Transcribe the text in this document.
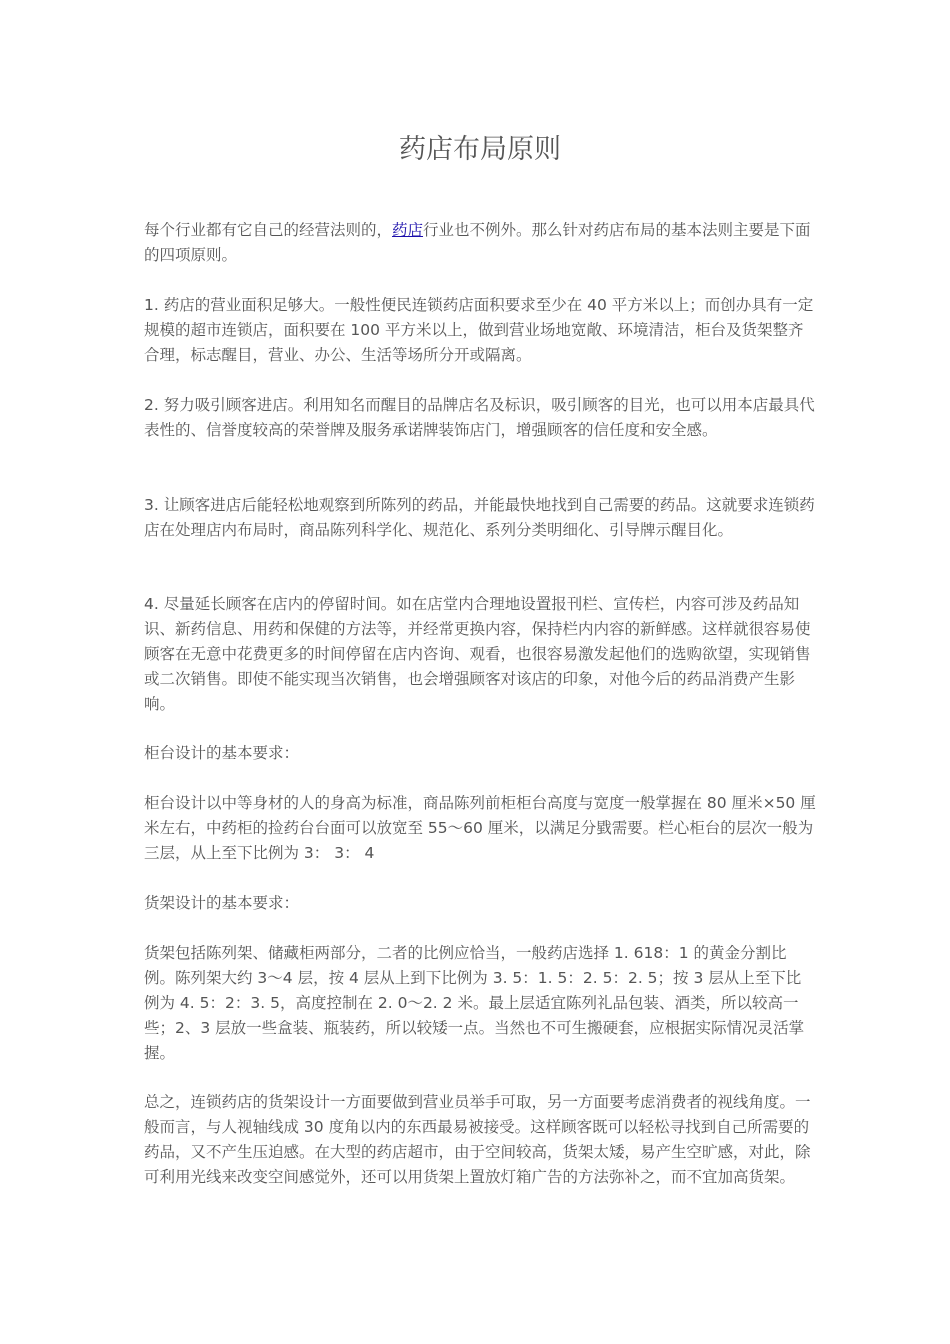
药店布局原则

每个行业都有它自己的经营法则的，药店行业也不例外。那么针对药店布局的基本法则主要是下面的四项原则。

1. 药店的营业面积足够大。一般性便民连锁药店面积要求至少在 40 平方米以上；而创办具有一定规模的超市连锁店，面积要在 100 平方米以上，做到营业场地宽敞、环境清洁，柜台及货架整齐合理，标志醒目，营业、办公、生活等场所分开或隔离。

2. 努力吸引顾客进店。利用知名而醒目的品牌店名及标识，吸引顾客的目光，也可以用本店最具代表性的、信誉度较高的荣誉牌及服务承诺牌装饰店门，增强顾客的信任度和安全感。

3. 让顾客进店后能轻松地观察到所陈列的药品，并能最快地找到自己需要的药品。这就要求连锁药店在处理店内布局时，商品陈列科学化、规范化、系列分类明细化、引导牌示醒目化。

4. 尽量延长顾客在店内的停留时间。如在店堂内合理地设置报刊栏、宣传栏，内容可涉及药品知识、新药信息、用药和保健的方法等，并经常更换内容，保持栏内内容的新鲜感。这样就很容易使顾客在无意中花费更多的时间停留在店内咨询、观看，也很容易激发起他们的选购欲望，实现销售或二次销售。即使不能实现当次销售，也会增强顾客对该店的印象，对他今后的药品消费产生影响。

柜台设计的基本要求：

柜台设计以中等身材的人的身高为标准，商品陈列前柜柜台高度与宽度一般掌握在 80 厘米×50 厘米左右，中药柜的捡药台台面可以放宽至 55～60 厘米，以满足分戥需要。栏心柜台的层次一般为三层，从上至下比例为 3： 3： 4

货架设计的基本要求：

货架包括陈列架、储藏柜两部分，二者的比例应恰当，一般药店选择 1. 618：1 的黄金分割比例。陈列架大约 3～4 层，按 4 层从上到下比例为 3. 5：1. 5：2. 5：2. 5；按 3 层从上至下比例为 4. 5：2：3. 5，高度控制在 2. 0～2. 2 米。最上层适宜陈列礼品包装、酒类，所以较高一些；2、3 层放一些盒装、瓶装药，所以较矮一点。当然也不可生搬硬套，应根据实际情况灵活掌握。

总之，连锁药店的货架设计一方面要做到营业员举手可取，另一方面要考虑消费者的视线角度。一般而言，与人视轴线成 30 度角以内的东西最易被接受。这样顾客既可以轻松寻找到自己所需要的药品，又不产生压迫感。在大型的药店超市，由于空间较高，货架太矮，易产生空旷感，对此，除可利用光线来改变空间感觉外，还可以用货架上置放灯箱广告的方法弥补之，而不宜加高货架。
